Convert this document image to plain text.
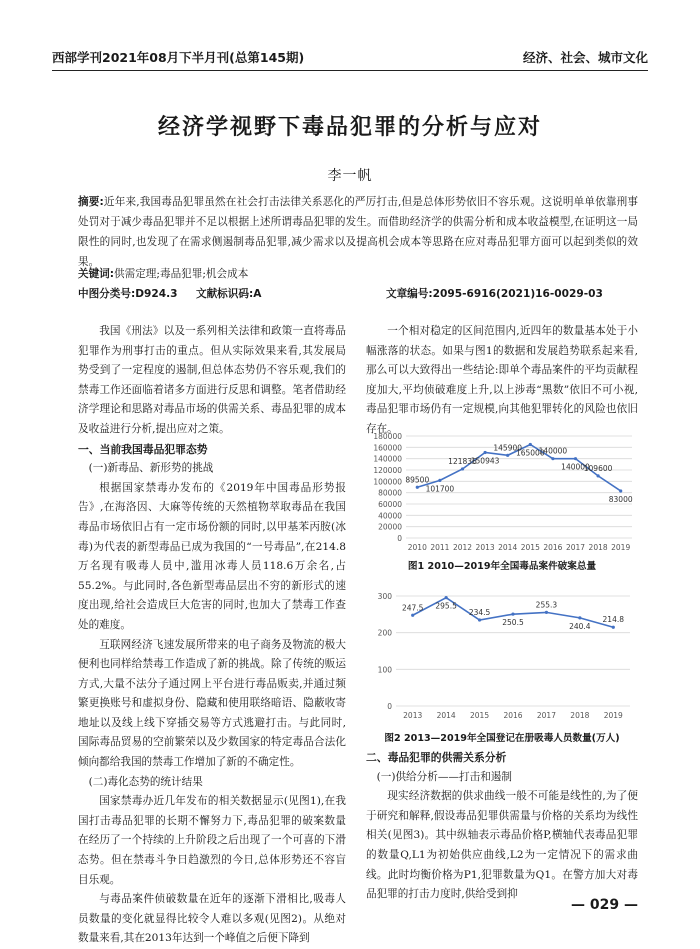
西部学刊2021年08月下半月刊(总第145期)	经济、社会、城市文化
经济学视野下毒品犯罪的分析与应对
李一帆
摘要:近年来,我国毒品犯罪虽然在社会打击法律关系恶化的严厉打击,但是总体形势依旧不容乐观。这说明单单依靠刑事处罚对于减少毒品犯罪并不足以根据上述所谓毒品犯罪的发生。而借助经济学的供需分析和成本收益模型,在证明这一局限性的同时,也发现了在需求侧遏制毒品犯罪,减少需求以及提高机会成本等思路在应对毒品犯罪方面可以起到类似的效果。
关键词:供需定理;毒品犯罪;机会成本
中图分类号:D924.3 文献标识码:A	文章编号:2095-6916(2021)16-0029-03

我国《刑法》以及一系列相关法律和政策一直将毒品犯罪作为刑事打击的重点。但从实际效果来看,其发展局势受到了一定程度的遏制,但总体态势仍不容乐观,我们的禁毒工作还面临着诸多方面进行反思和调整。笔者借助经济学理论和思路对毒品市场的供需关系、毒品犯罪的成本及收益进行分析,提出应对之策。

一、当前我国毒品犯罪态势
(一)新毒品、新形势的挑战

根据国家禁毒办发布的《2019年中国毒品形势报告》,在海洛因、大麻等传统的天然植物萃取毒品在我国毒品市场依旧占有一定市场份额的同时,以甲基苯丙胺(冰毒)为代表的新型毒品已成为我国的“一号毒品”,在214.8万名现有吸毒人员中,滥用冰毒人员118.6万余名,占55.2%。与此同时,各色新型毒品层出不穷的新形式的速度出现,给社会造成巨大危害的同时,也加大了禁毒工作查处的难度。

互联网经济飞速发展所带来的电子商务及物流的极大便利也同样给禁毒工作造成了新的挑战。除了传统的贩运方式,大量不法分子通过网上平台进行毒品贩卖,并通过频繁更换账号和虚拟身份、隐藏和使用联络暗语、隐蔽收寄地址以及线上线下穿插交易等方式逃避打击。与此同时,国际毒品贸易的空前繁荣以及少数国家的特定毒品合法化倾向都给我国的禁毒工作增加了新的不确定性。

(二)毒化态势的统计结果

国家禁毒办近几年发布的相关数据显示(见图1),在我国打击毒品犯罪的长期不懈努力下,毒品犯罪的破案数量在经历了一个持续的上升阶段之后出现了一个可喜的下滑态势。但在禁毒斗争日趋激烈的今日,总体形势还不容盲目乐观。

与毒品案件侦破数量在近年的逐渐下滑相比,吸毒人员数量的变化就显得比较令人难以多观(见图2)。从绝对数量来看,其在2013年达到一个峰值之后便下降到

一个相对稳定的区间范围内,近四年的数量基本处于小幅涨落的状态。如果与图1的数据和发展趋势联系起来看,那么可以大致得出一些结论:即单个毒品案件的平均贡献程度加大,平均侦破难度上升,以上涉毒“黑数”依旧不可小视,毒品犯罪市场仍有一定规模,向其他犯罪转化的风险也依旧存在。

0
20000
40000
60000
80000
100000
120000
140000
160000
180000
2010 2011 2012 2013 2014 2015 2016 2017 2018 2019
89500
101700
121836
150943
145900
165000
140000
140000
109600
83000
图1 2010—2019年全国毒品案件破案总量
0
100
200
300
2013 2014 2015 2016 2017 2018 2019
247.5 295.5
234.5
250.5
255.3
240.4
214.8
图2 2013—2019年全国登记在册吸毒人员数量(万人)
二、毒品犯罪的供需关系分析
(一)供给分析——打击和遏制

现实经济数据的供求曲线一般不可能是线性的,为了便于研究和解释,假设毒品犯罪供需量与价格的关系均为线性相关(见图3)。其中纵轴表示毒品价格P,横轴代表毒品犯罪的数量Q,L1为初始供应曲线,L2为一定情况下的需求曲线。此时均衡价格为P1,犯罪数量为Q1。在警方加大对毒品犯罪的打击力度时,供给受到抑

— 029 —
